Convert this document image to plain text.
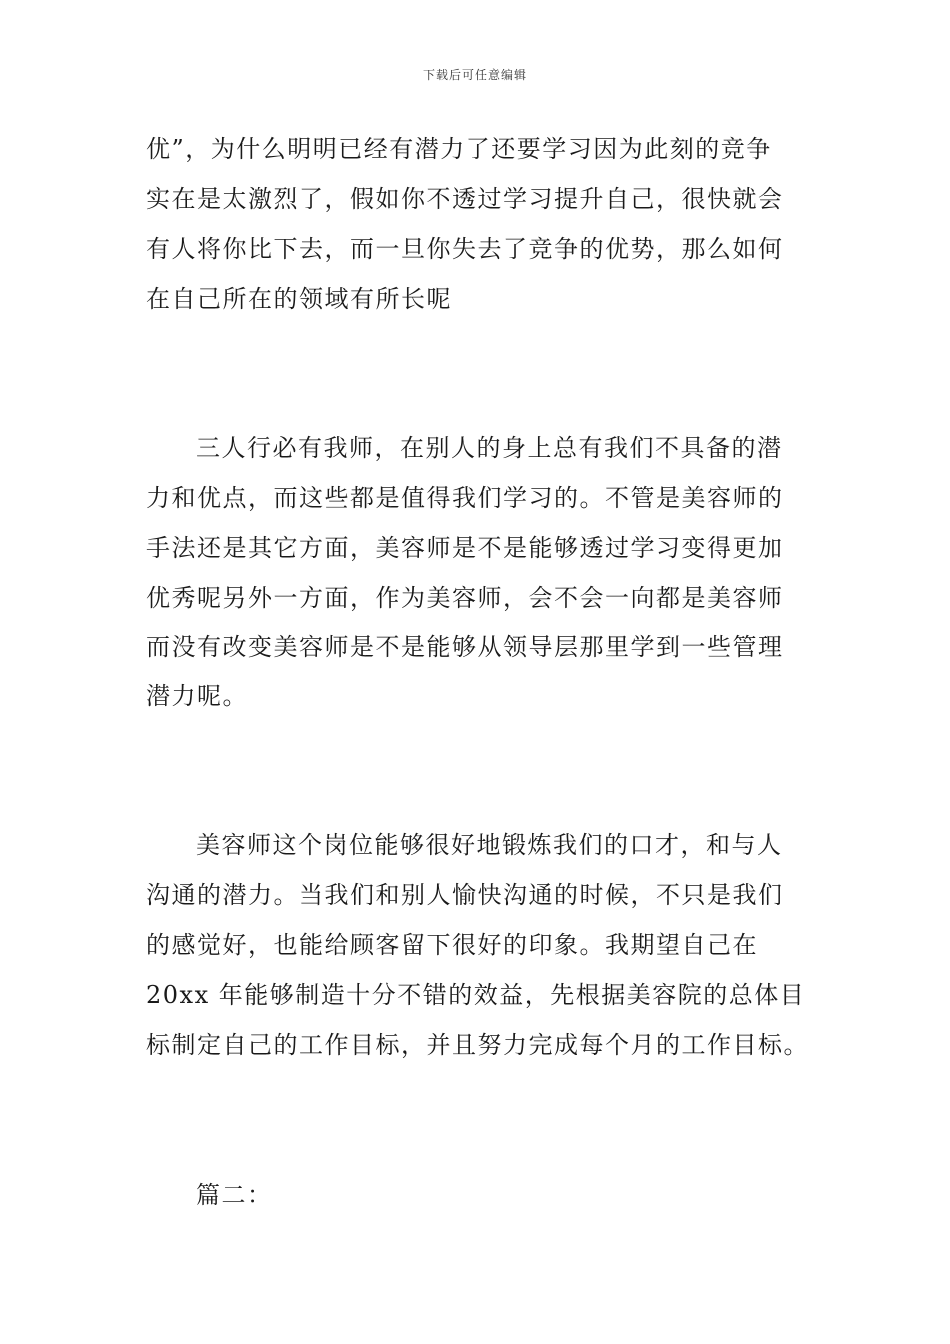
下载后可任意编辑
优”，为什么明明已经有潜力了还要学习因为此刻的竞争
实在是太激烈了，假如你不透过学习提升自己，很快就会
有人将你比下去，而一旦你失去了竞争的优势，那么如何
在自己所在的领域有所长呢
三人行必有我师，在别人的身上总有我们不具备的潜
力和优点，而这些都是值得我们学习的。不管是美容师的
手法还是其它方面，美容师是不是能够透过学习变得更加
优秀呢另外一方面，作为美容师，会不会一向都是美容师
而没有改变美容师是不是能够从领导层那里学到一些管理
潜力呢。
美容师这个岗位能够很好地锻炼我们的口才，和与人
沟通的潜力。当我们和别人愉快沟通的时候，不只是我们
的感觉好，也能给顾客留下很好的印象。我期望自己在
20xx 年能够制造十分不错的效益，先根据美容院的总体目
标制定自己的工作目标，并且努力完成每个月的工作目标。
篇二：
